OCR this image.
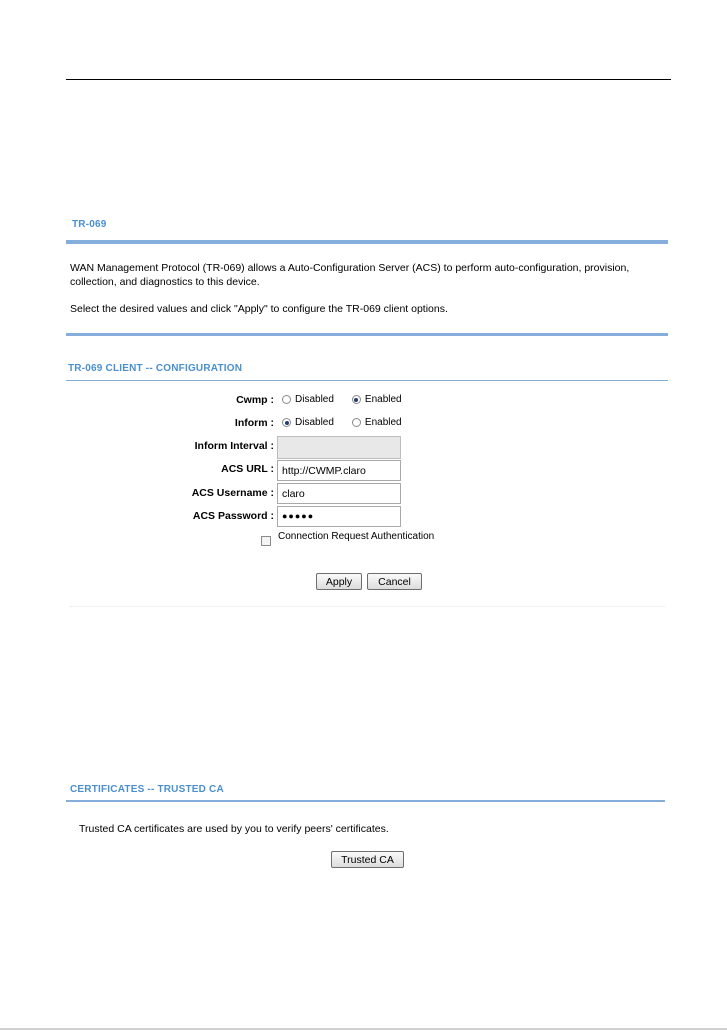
TR-069
WAN Management Protocol (TR-069) allows a Auto-Configuration Server (ACS) to perform auto-configuration, provision,
collection, and diagnostics to this device.
Select the desired values and click "Apply" to configure the TR-069 client options.
TR-069 CLIENT -- CONFIGURATION
Cwmp : Disabled	Enabled
Inform : Disabled	Enabled
Inform Interval :
ACS URL :
http://CWMP.claro
ACS Username :
claro
ACS Password : ●●●●●
Connection Request Authentication
Apply	Cancel
CERTIFICATES -- TRUSTED CA
Trusted CA certificates are used by you to verify peers' certificates.
Trusted CA
